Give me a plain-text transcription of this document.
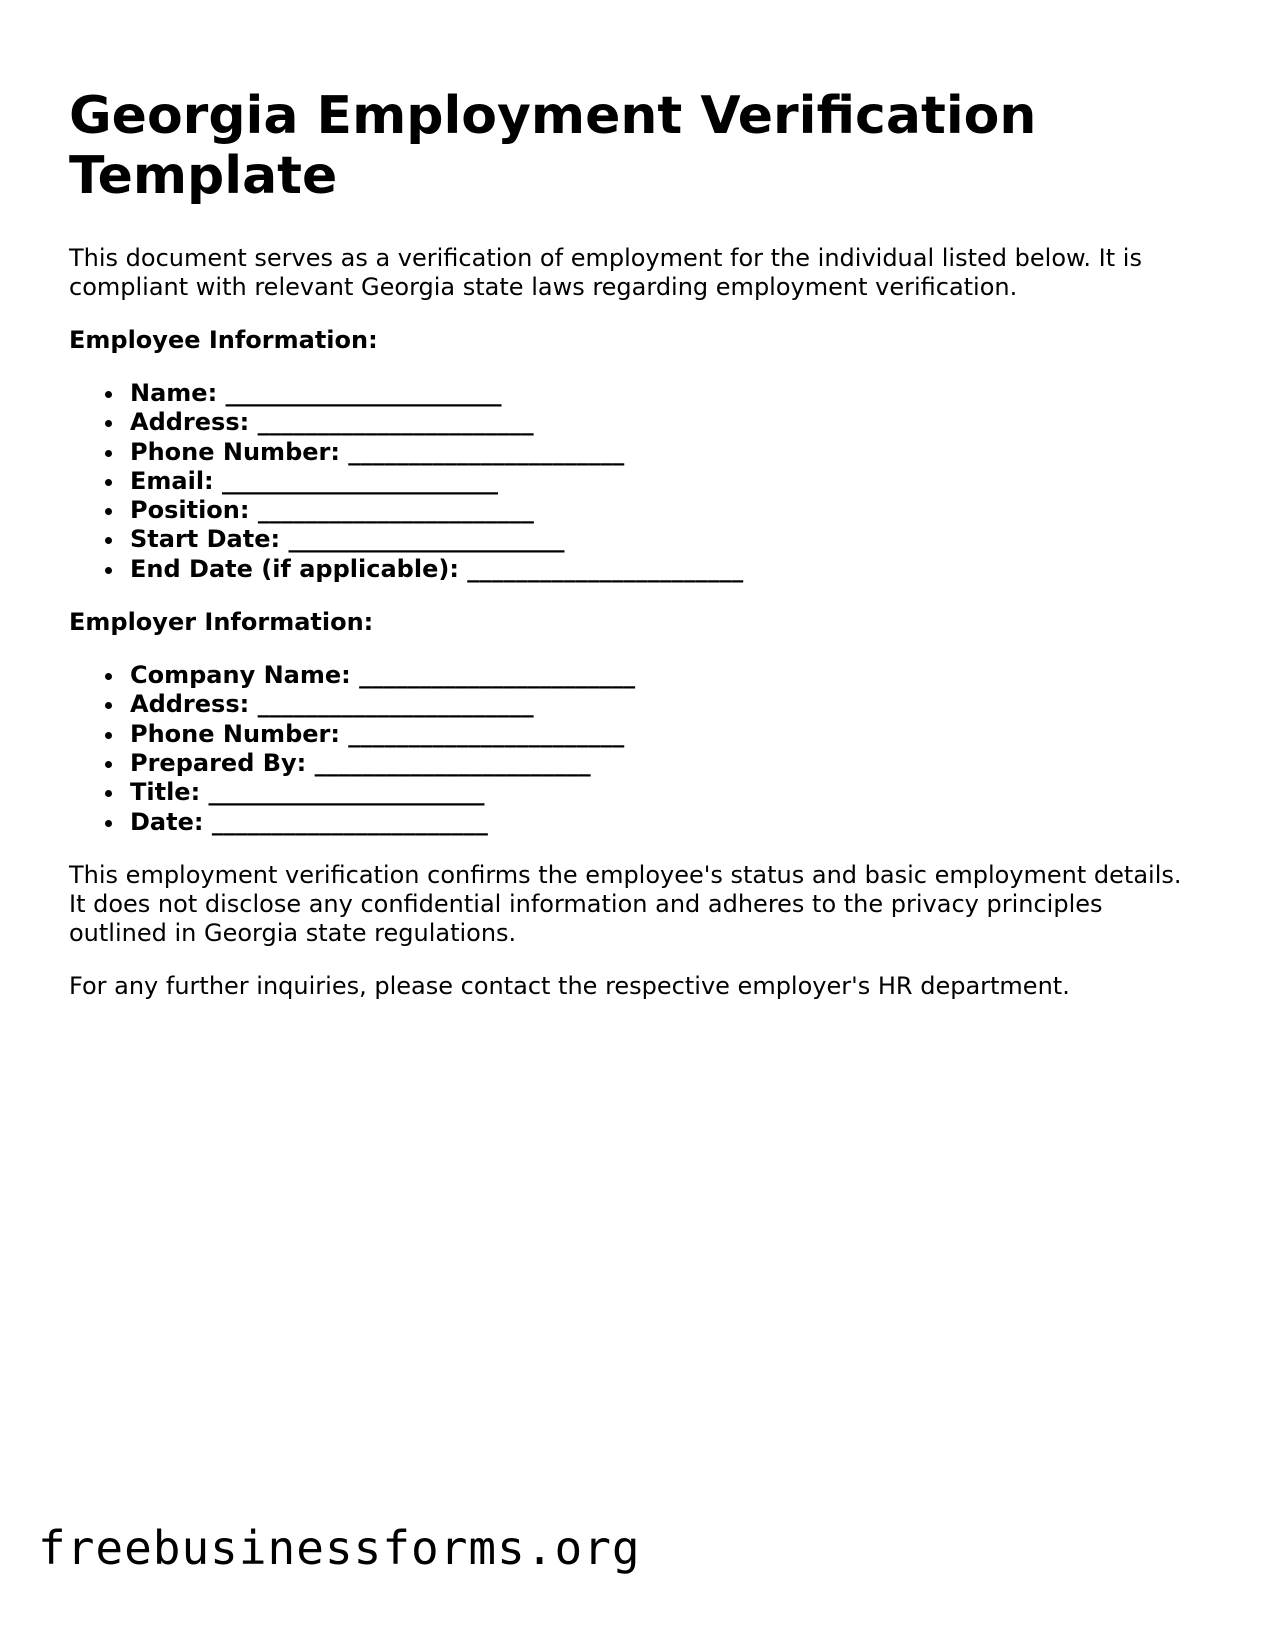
Georgia Employment Verification Template

This document serves as a verification of employment for the individual listed below. It is compliant with relevant Georgia state laws regarding employment verification.

Employee Information:
Name: _______________________
Address: _______________________
Phone Number: _______________________
Email: _______________________
Position: _______________________
Start Date: _______________________
End Date (if applicable): _______________________
Employer Information:
Company Name: _______________________
Address: _______________________
Phone Number: _______________________
Prepared By: _______________________
Title: _______________________
Date: _______________________

This employment verification confirms the employee's status and basic employment details. It does not disclose any confidential information and adheres to the privacy principles outlined in Georgia state regulations.

For any further inquiries, please contact the respective employer's HR department.

freebusinessforms.org
